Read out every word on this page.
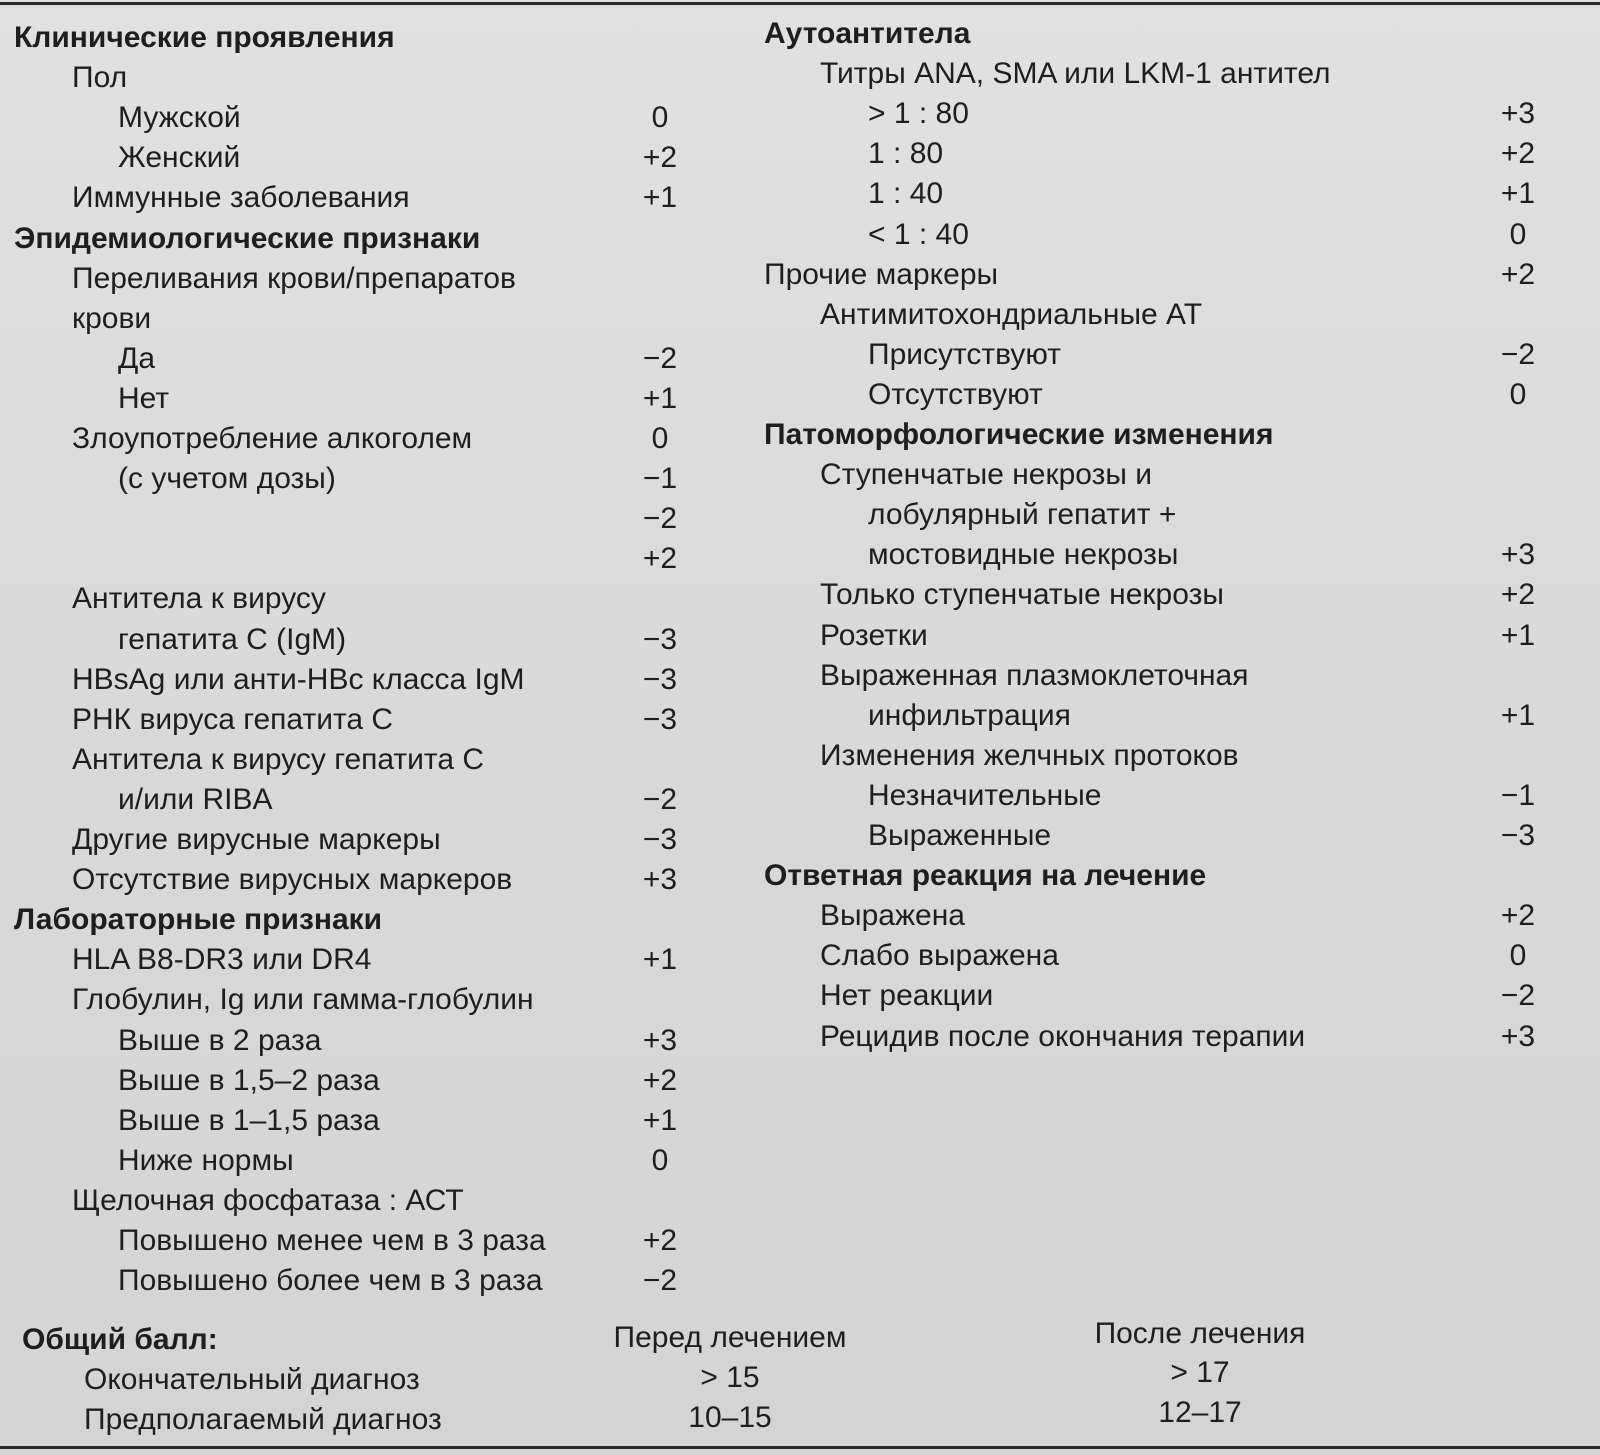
Клинические проявления
Пол
Мужской	0
Женский	+2
Иммунные заболевания	+1
Эпидемиологические признаки
Переливания крови/препаратов
крови
Да	−2
Нет	+1
Злоупотребление алкоголем	0
(с учетом дозы)	−1
−2
+2
Антитела к вирусу
гепатита С (IgM)	−3
HBsAg или анти-HBc класса IgM	−3
РНК вируса гепатита С	−3
Антитела к вирусу гепатита С
и/или RIBA	−2
Другие вирусные маркеры	−3
Отсутствие вирусных маркеров	+3
Лабораторные признаки
HLA B8-DR3 или DR4	+1
Глобулин, Ig или гамма-глобулин
Выше в 2 раза	+3
Выше в 1,5–2 раза	+2
Выше в 1–1,5 раза	+1
Ниже нормы	0
Щелочная фосфатаза : АСТ
Повышено менее чем в 3 раза	+2
Повышено более чем в 3 раза	−2
Аутоантитела
Титры ANA, SMA или LKM-1 антител
> 1 : 80	+3
1 : 80	+2
1 : 40	+1
< 1 : 40	0
Прочие маркеры	+2
Антимитохондриальные АТ
Присутствуют	−2
Отсутствуют	0
Патоморфологические изменения
Ступенчатые некрозы и
лобулярный гепатит +
мостовидные некрозы	+3
Только ступенчатые некрозы	+2
Розетки	+1
Выраженная плазмоклеточная
инфильтрация	+1
Изменения желчных протоков
Незначительные	−1
Выраженные	−3
Ответная реакция на лечение
Выражена	+2
Слабо выражена	0
Нет реакции	−2
Рецидив после окончания терапии	+3
Общий балл:	Перед лечением	После лечения
Окончательный диагноз	> 15	> 17
Предполагаемый диагноз	10–15	12–17
